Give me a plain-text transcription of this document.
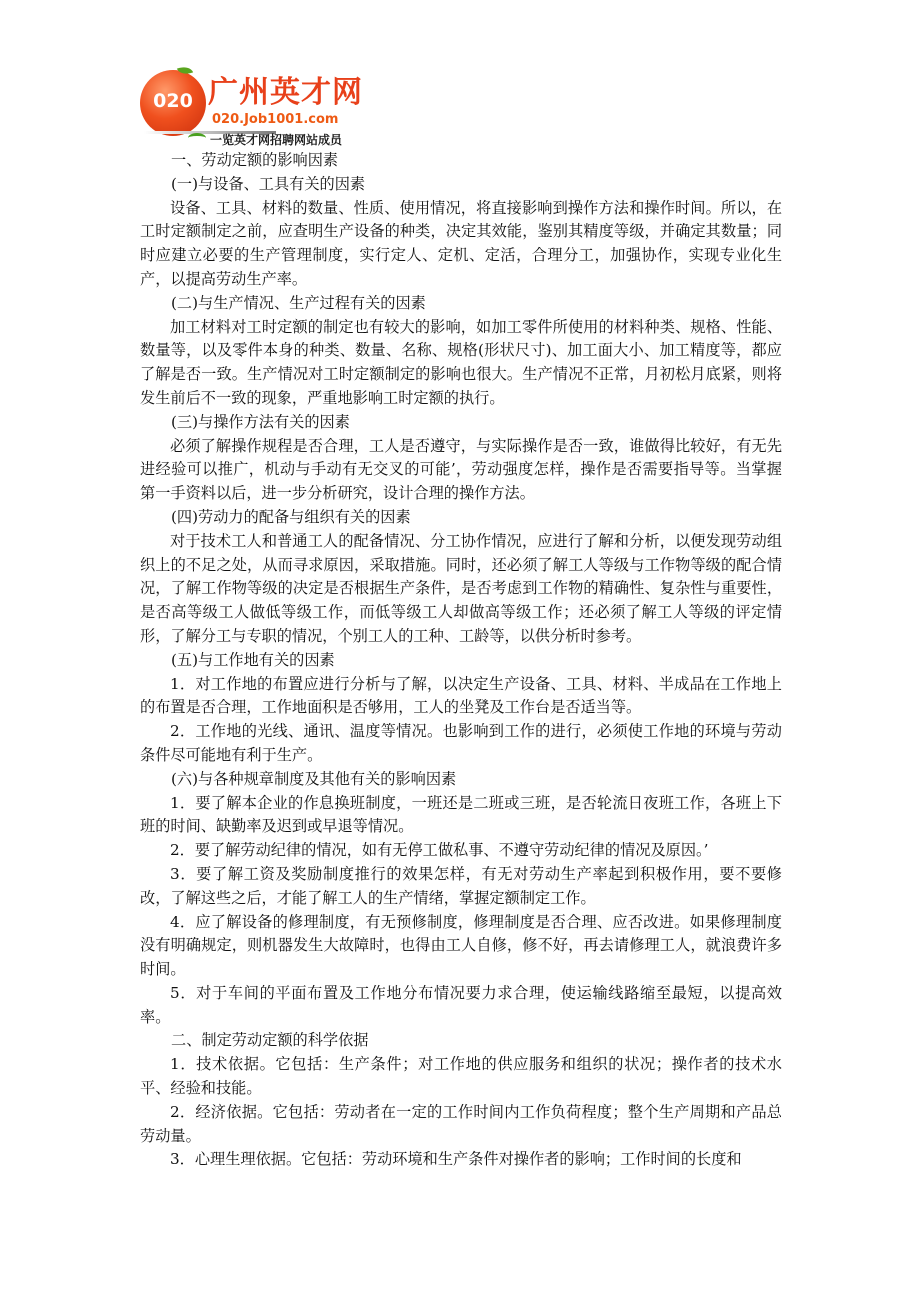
020 广州英才网
020.Job1001.com
一览英才网招聘网站成员

一、劳动定额的影响因素

(一)与设备、工具有关的因素

设备、工具、材料的数量、性质、使用情况，将直接影响到操作方法和操作时间。所以，在工时定额制定之前，应查明生产设备的种类，决定其效能，鉴别其精度等级，并确定其数量；同时应建立必要的生产管理制度，实行定人、定机、定活，合理分工，加强协作，实现专业化生产，以提高劳动生产率。

(二)与生产情况、生产过程有关的因素

加工材料对工时定额的制定也有较大的影响，如加工零件所使用的材料种类、规格、性能、数量等，以及零件本身的种类、数量、名称、规格(形状尺寸)、加工面大小、加工精度等，都应了解是否一致。生产情况对工时定额制定的影响也很大。生产情况不正常，月初松月底紧，则将发生前后不一致的现象，严重地影响工时定额的执行。

(三)与操作方法有关的因素

必须了解操作规程是否合理，工人是否遵守，与实际操作是否一致，谁做得比较好，有无先进经验可以推广，机动与手动有无交叉的可能’，劳动强度怎样，操作是否需要指导等。当掌握第一手资料以后，进一步分析研究，设计合理的操作方法。

(四)劳动力的配备与组织有关的因素

对于技术工人和普通工人的配备情况、分工协作情况，应进行了解和分析，以便发现劳动组织上的不足之处，从而寻求原因，采取措施。同时，还必须了解工人等级与工作物等级的配合情况，了解工作物等级的决定是否根据生产条件，是否考虑到工作物的精确性、复杂性与重要性，是否高等级工人做低等级工作，而低等级工人却做高等级工作；还必须了解工人等级的评定情形，了解分工与专职的情况，个别工人的工种、工龄等，以供分析时参考。

(五)与工作地有关的因素

1．对工作地的布置应进行分析与了解，以决定生产设备、工具、材料、半成品在工作地上的布置是否合理，工作地面积是否够用，工人的坐凳及工作台是否适当等。

2．工作地的光线、通讯、温度等情况。也影响到工作的进行，必须使工作地的环境与劳动条件尽可能地有利于生产。

(六)与各种规章制度及其他有关的影响因素

1．要了解本企业的作息换班制度，一班还是二班或三班，是否轮流日夜班工作，各班上下班的时间、缺勤率及迟到或早退等情况。

2．要了解劳动纪律的情况，如有无停工做私事、不遵守劳动纪律的情况及原因。’

3．要了解工资及奖励制度推行的效果怎样，有无对劳动生产率起到积极作用，要不要修改，了解这些之后，才能了解工人的生产情绪，掌握定额制定工作。

4．应了解设备的修理制度，有无预修制度，修理制度是否合理、应否改进。如果修理制度没有明确规定，则机器发生大故障时，也得由工人自修，修不好，再去请修理工人，就浪费许多时间。

5．对于车间的平面布置及工作地分布情况要力求合理，使运输线路缩至最短，以提高效率。

二、制定劳动定额的科学依据

1．技术依据。它包括：生产条件；对工作地的供应服务和组织的状况；操作者的技术水平、经验和技能。

2．经济依据。它包括：劳动者在一定的工作时间内工作负荷程度；整个生产周期和产品总劳动量。

3．心理生理依据。它包括：劳动环境和生产条件对操作者的影响；工作时间的长度和
